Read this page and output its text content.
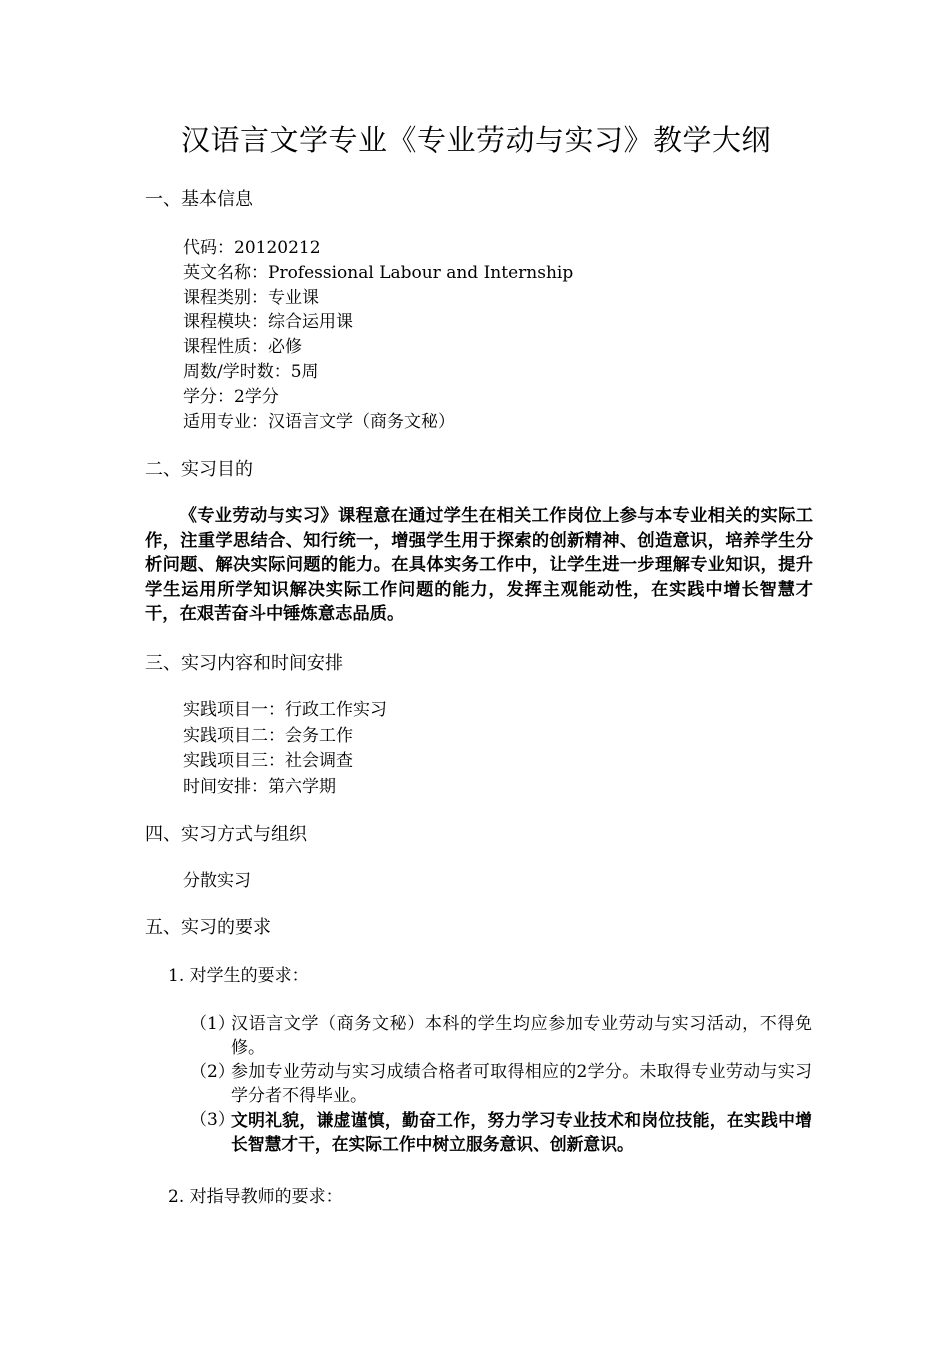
汉语言文学专业《专业劳动与实习》教学大纲
一、基本信息
代码：20120212
英文名称：Professional Labour and Internship
课程类别：专业课
课程模块：综合运用课
课程性质：必修
周数/学时数：5周
学分：2学分
适用专业：汉语言文学（商务文秘）
二、实习目的
《专业劳动与实习》课程意在通过学生在相关工作岗位上参与本专业相关的实际工作，注重学思结合、知行统一，增强学生用于探索的创新精神、创造意识，培养学生分析问题、解决实际问题的能力。在具体实务工作中，让学生进一步理解专业知识，提升学生运用所学知识解决实际工作问题的能力，发挥主观能动性，在实践中增长智慧才干，在艰苦奋斗中锤炼意志品质。
三、实习内容和时间安排
实践项目一：行政工作实习
实践项目二：会务工作
实践项目三：社会调查
时间安排：第六学期
四、实习方式与组织
分散实习
五、实习的要求
1. 对学生的要求：
（1）
汉语言文学（商务文秘）本科的学生均应参加专业劳动与实习活动，不得免修。
（2）
参加专业劳动与实习成绩合格者可取得相应的2学分。未取得专业劳动与实习学分者不得毕业。
（3）
文明礼貌，谦虚谨慎，勤奋工作，努力学习专业技术和岗位技能，在实践中增长智慧才干，在实际工作中树立服务意识、创新意识。
2. 对指导教师的要求：
